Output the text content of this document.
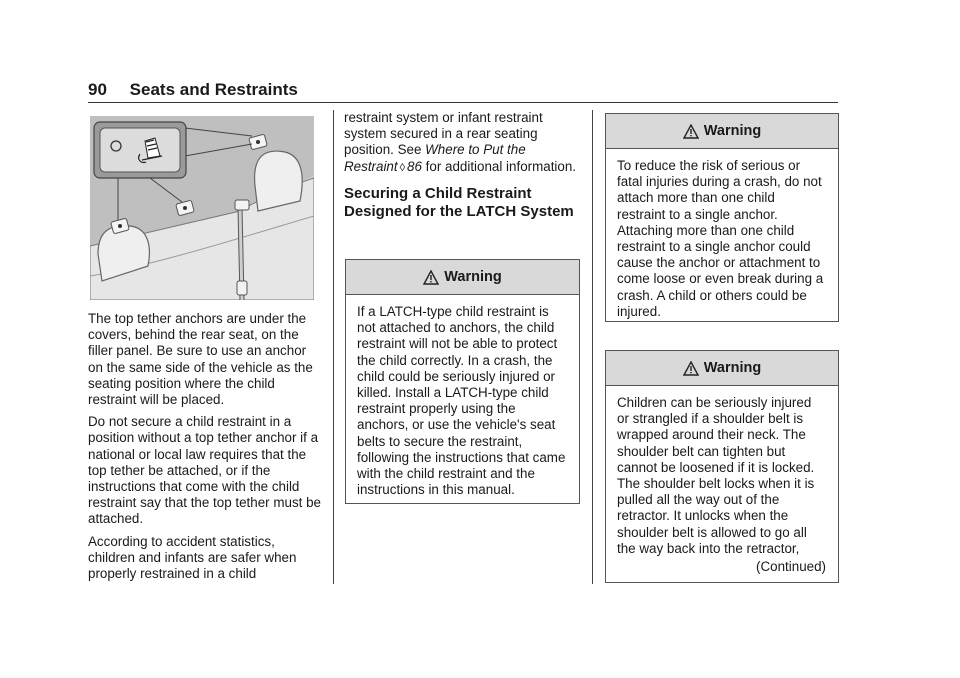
90 Seats and Restraints

The top tether anchors are under the covers, behind the rear seat, on the filler panel. Be sure to use an anchor on the same side of the vehicle as the seating position where the child restraint will be placed.

Do not secure a child restraint in a position without a top tether anchor if a national or local law requires that the top tether be attached, or if the instructions that come with the child restraint say that the top tether must be attached.

According to accident statistics, children and infants are safer when properly restrained in a child

restraint system or infant restraint system secured in a rear seating position. See Where to Put the Restraint ◊ 86 for additional information.

Securing a Child Restraint Designed for the LATCH System
Warning
If a LATCH-type child restraint is not attached to anchors, the child restraint will not be able to protect the child correctly. In a crash, the child could be seriously injured or killed. Install a LATCH-type child restraint properly using the anchors, or use the vehicle's seat belts to secure the restraint, following the instructions that came with the child restraint and the instructions in this manual.
Warning
To reduce the risk of serious or fatal injuries during a crash, do not attach more than one child restraint to a single anchor. Attaching more than one child restraint to a single anchor could cause the anchor or attachment to come loose or even break during a crash. A child or others could be injured.
Warning
Children can be seriously injured or strangled if a shoulder belt is wrapped around their neck. The shoulder belt can tighten but cannot be loosened if it is locked. The shoulder belt locks when it is pulled all the way out of the retractor. It unlocks when the shoulder belt is allowed to go all the way back into the retractor,
(Continued)
